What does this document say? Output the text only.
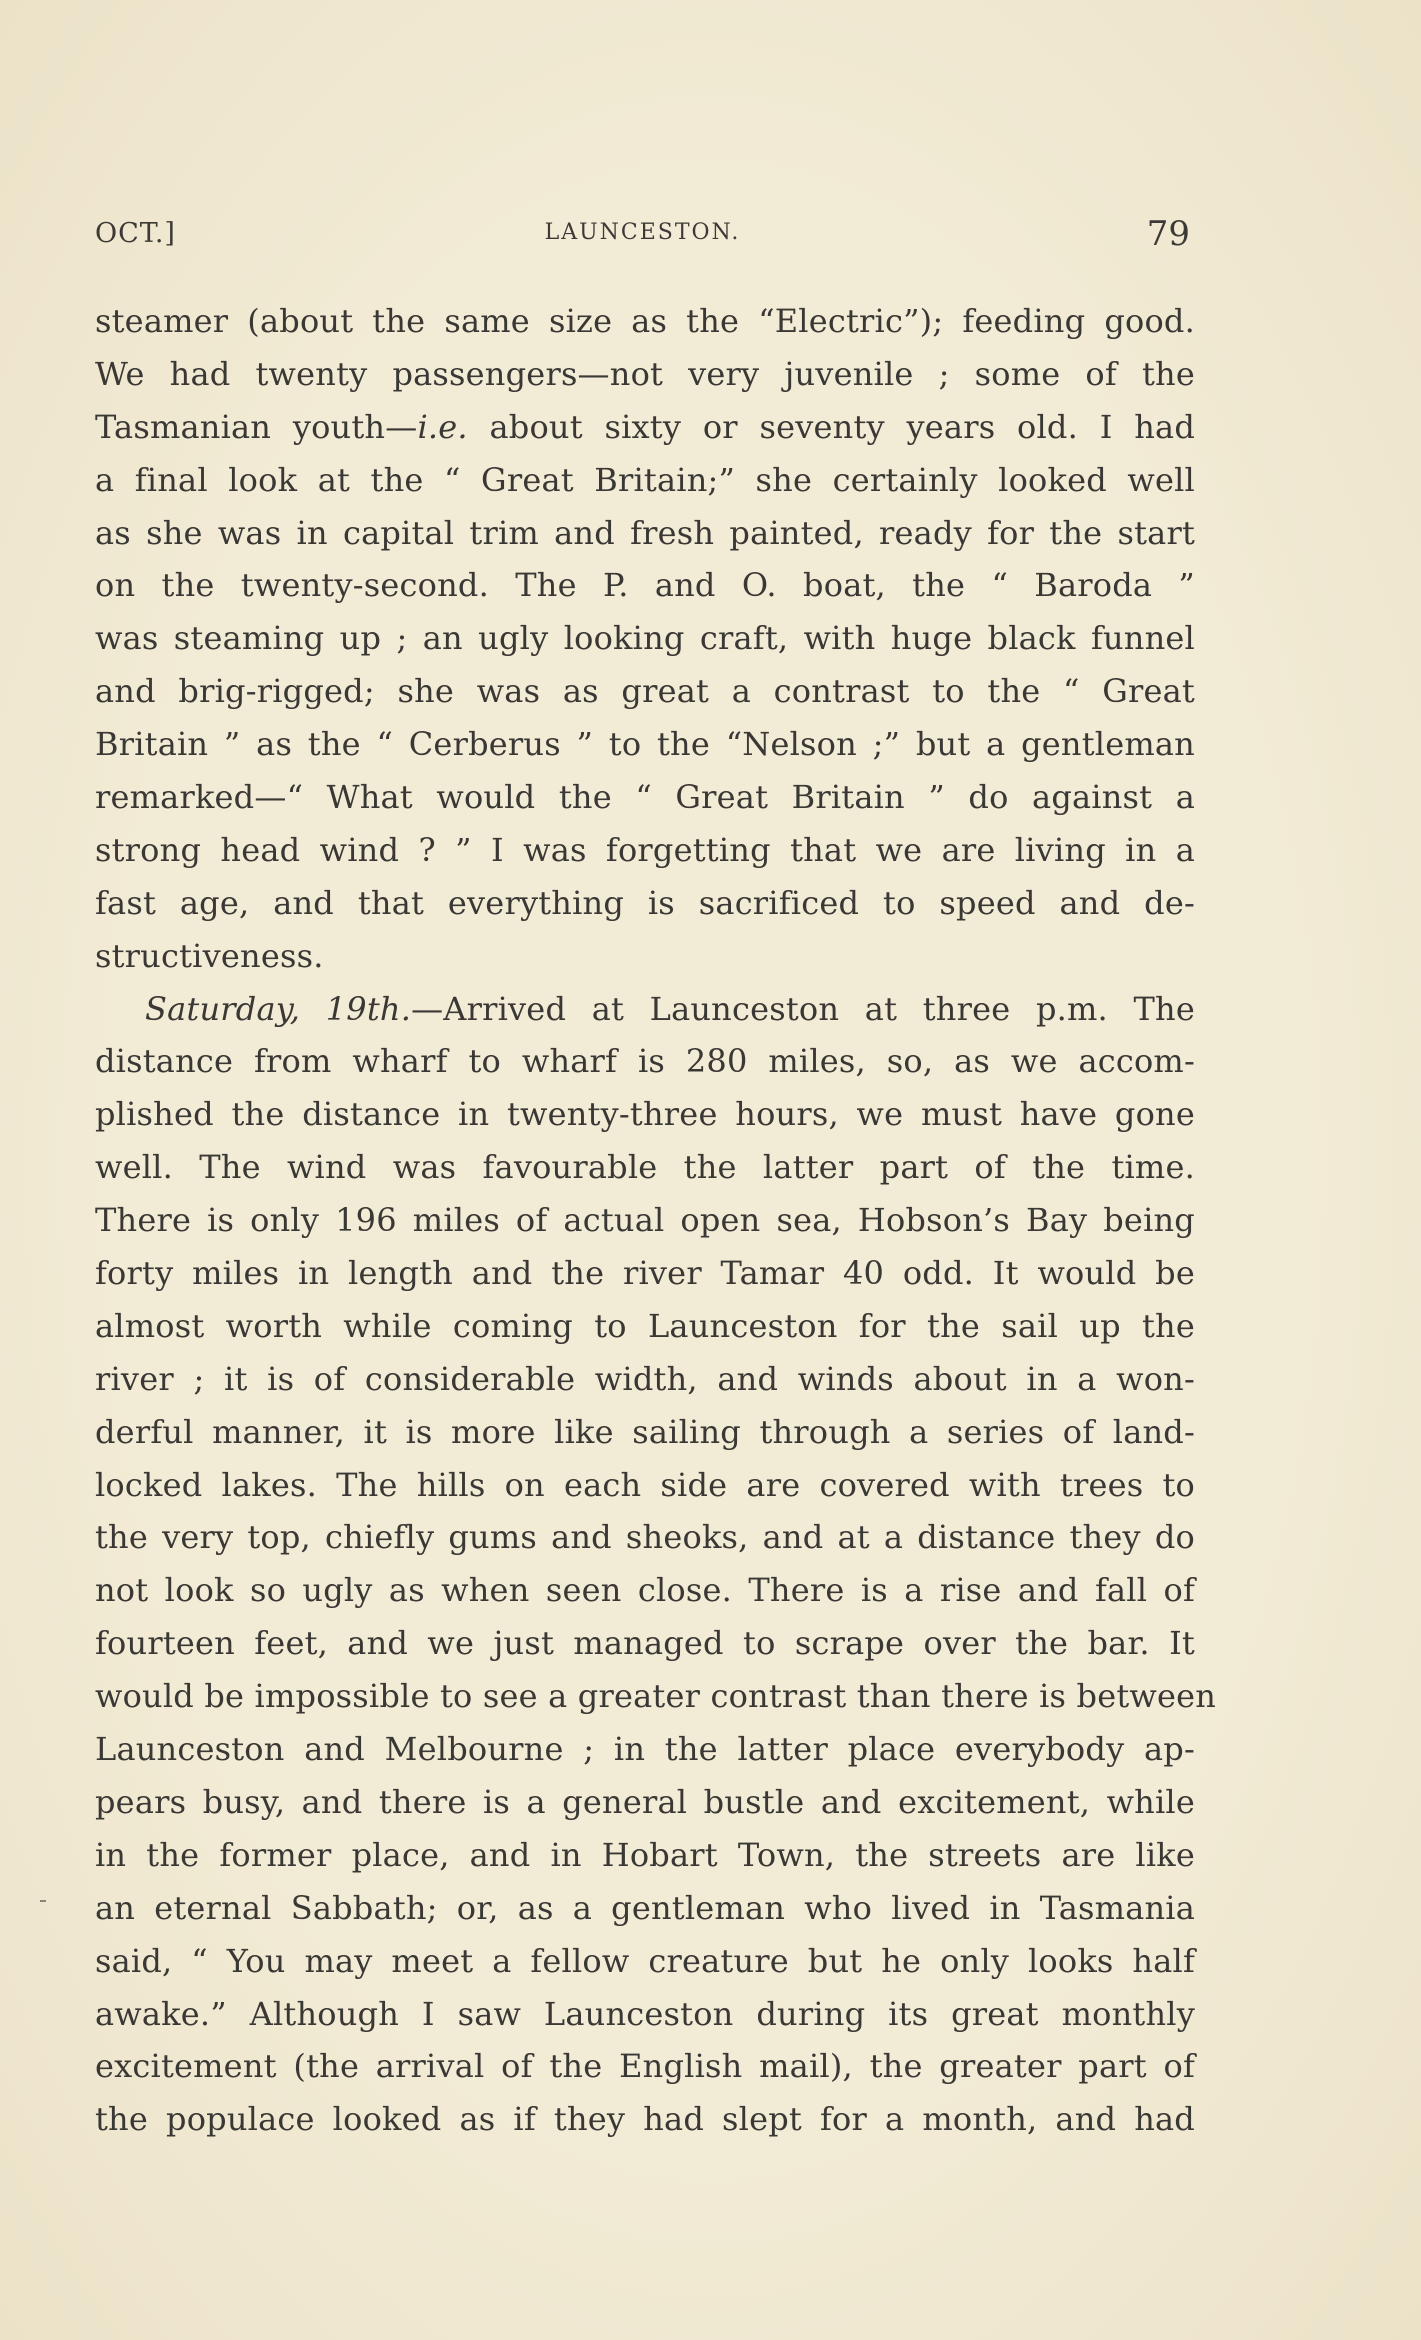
OCT.]	LAUNCESTON.	79
steamer (about the same size as the “Electric”); feeding good.
We had twenty passengers—not very juvenile ; some of the
Tasmanian youth—i.e. about sixty or seventy years old. I had
a final look at the “ Great Britain;” she certainly looked well
as she was in capital trim and fresh painted, ready for the start
on the twenty-second. The P. and O. boat, the “ Baroda ”
was steaming up ; an ugly looking craft, with huge black funnel
and brig-rigged; she was as great a contrast to the “ Great
Britain ” as the “ Cerberus ” to the “Nelson ;” but a gentleman
remarked—“ What would the “ Great Britain ” do against a
strong head wind ? ” I was forgetting that we are living in a
fast age, and that everything is sacrificed to speed and de-
structiveness.
Saturday, 19th.—Arrived at Launceston at three p.m. The
distance from wharf to wharf is 280 miles, so, as we accom-
plished the distance in twenty-three hours, we must have gone
well. The wind was favourable the latter part of the time.
There is only 196 miles of actual open sea, Hobson’s Bay being
forty miles in length and the river Tamar 40 odd. It would be
almost worth while coming to Launceston for the sail up the
river ; it is of considerable width, and winds about in a won-
derful manner, it is more like sailing through a series of land-
locked lakes. The hills on each side are covered with trees to
the very top, chiefly gums and sheoks, and at a distance they do
not look so ugly as when seen close. There is a rise and fall of
fourteen feet, and we just managed to scrape over the bar. It
would be impossible to see a greater contrast than there is between
Launceston and Melbourne ; in the latter place everybody ap-
pears busy, and there is a general bustle and excitement, while
in the former place, and in Hobart Town, the streets are like
an eternal Sabbath; or, as a gentleman who lived in Tasmania
said, “ You may meet a fellow creature but he only looks half
awake.” Although I saw Launceston during its great monthly
excitement (the arrival of the English mail), the greater part of
the populace looked as if they had slept for a month, and had
